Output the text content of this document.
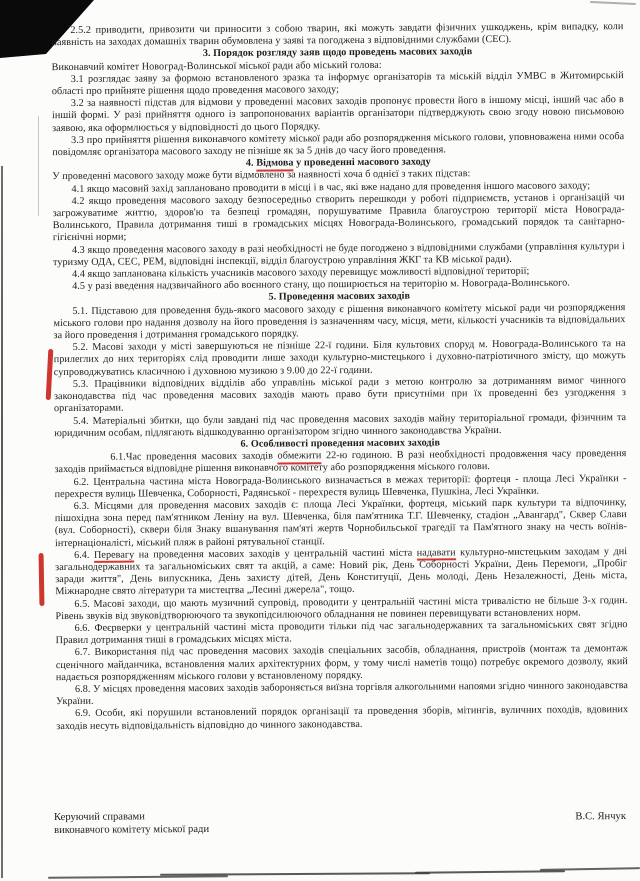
2.5.2 приводити, привозити чи приносити з собою тварин, які можуть завдати фізичних ушкоджень, крім випадку, коли наявність на заходах домашніх тварин обумовлена у заяві та погоджена з відповідними службами (СЕС).
3. Порядок розгляду заяв щодо проведень масових заходів
Виконавчий комітет Новоград-Волинської міської ради або міський голова:
3.1 розглядає заяву за формою встановленого зразка та інформує організаторів та міській відділ УМВС в Житомирській області про прийняте рішення щодо проведення масового заходу;
3.2 за наявності підстав для відмови у проведенні масових заходів пропонує провести його в іншому місці, інший час або в іншій формі. У разі прийняття одного із запропонованих варіантів організатори підтверджують свою згоду новою письмовою заявою, яка оформлюється у відповідності до цього Порядку.
3.3 про прийняття рішення виконавчого комітету міської ради або розпорядження міського голови, уповноважена ними особа повідомляє організатора масового заходу не пізніше як за 5 днів до часу його проведення.
4. Відмова у проведенні масового заходу
У проведенні масового заходу може бути відмовлено за наявності хоча б однієї з таких підстав:
4.1 якщо масовий захід заплановано проводити в місці і в час, які вже надано для проведення іншого масового заходу;
4.2 якщо проведення масового заходу безпосередньо створить перешкоди у роботі підприємств, установ і організацій чи загрожуватиме життю, здоров'ю та безпеці громадян, порушуватиме Правила благоустрою території міста Новограда-Волинського, Правила дотримання тиші в громадських місцях Новограда-Волинського, громадський порядок та санітарно-гігієнічні норми;
4.3 якщо проведення масового заходу в разі необхідності не буде погоджено з відповідними службами (управління культури і туризму ОДА, СЕС, РЕМ, відповідні інспекції, відділ благоустрою управління ЖКГ та КВ міської ради).
4.4 якщо запланована кількість учасників масового заходу перевищує можливості відповідної території;
4.5 у разі введення надзвичайного або воєнного стану, що поширюється на територію м. Новограда-Волинського.
5. Проведення масових заходів
5.1. Підставою для проведення будь-якого масового заходу є рішення виконавчого комітету міської ради чи розпорядження міського голови про надання дозволу на його проведення із зазначенням часу, місця, мети, кількості учасників та відповідальних за його проведення і дотримання громадського порядку.
5.2. Масові заходи у місті завершуються не пізніше 22-ї години. Біля культових споруд м. Новограда-Волинського та на прилеглих до них територіях слід проводити лише заходи культурно-мистецького і духовно-патріотичного змісту, що можуть супроводжуватись класичною і духовною музикою з 9.00 до 22-ї години.
5.3. Працівники відповідних відділів або управлінь міської ради з метою контролю за дотриманням вимог чинного законодавства під час проведення масових заходів мають право бути присутніми при їх проведенні без узгодження з організаторами.
5.4. Матеріальні збитки, що були завдані під час проведення масових заходів майну територіальної громади, фізичним та юридичним особам, підлягають відшкодуванню організатором згідно чинного законодавства України.
6. Особливості проведення масових заходів
6.1.Час проведення масових заходів обмежити 22-ю годиною. В разі необхідності продовження часу проведення заходів приймається відповідне рішення виконавчого комітету або розпорядження міського голови.
6.2. Центральна частина міста Новограда-Волинського визначається в межах території: фортеця - площа Лесі Українки - перехрестя вулиць Шевченка, Соборності, Радянської - перехрестя вулиць Шевченка, Пушкіна, Лесі Українки.
6.3. Місцями для проведення масових заходів є: площа Лесі Українки, фортеця, міський парк культури та відпочинку, пішохідна зона перед пам'ятником Леніну на вул. Шевченка, біля пам'ятника Т.Г. Шевченку, стадіон „Авангард", Сквер Слави (вул. Соборності), сквери біля Знаку вшанування пам'яті жертв Чорнобильської трагедії та Пам'ятного знаку на честь воїнів-інтернаціоналісті, міський пляж в районі рятувальної станції.
6.4. Перевагу на проведення масових заходів у центральній частині міста надавати культурно-мистецьким заходам у дні загальнодержавних та загальноміських свят та акцій, а саме: Новий рік, День Соборності України, День Перемоги, „Пробіг заради життя", День випускника, День захисту дітей, День Конституції, День молоді, День Незалежності, День міста, Міжнародне свято літератури та мистецтва „Лесині джерела", тощо.
6.5. Масові заходи, що мають музичний супровід, проводити у центральній частині міста тривалістю не більше 3-х годин. Рівень звуків від звуковідтворюючого та звукопідсилюючого обладнання не повинен перевищувати встановлених норм.
6.6. Феєрверки у центральній частині міста проводити тільки під час загальнодержавних та загальноміських свят згідно Правил дотримання тиші в громадських місцях міста.
6.7. Використання під час проведення масових заходів спеціальних засобів, обладнання, пристроїв (монтаж та демонтаж сценічного майданчика, встановлення малих архітектурних форм, у тому числі наметів тощо) потребує окремого дозволу, який надається розпорядженням міського голови у встановленому порядку.
6.8. У місцях проведення масових заходів забороняється виїзна торгівля алкогольними напоями згідно чинного законодавства України.
6.9. Особи, які порушили встановлений порядок організації та проведення зборів, мітингів, вуличних походів, вдовиних заходів несуть відповідальність відповідно до чинного законодавства.
Керуючий справами
виконавчого комітету міської ради
В.С. Янчук
